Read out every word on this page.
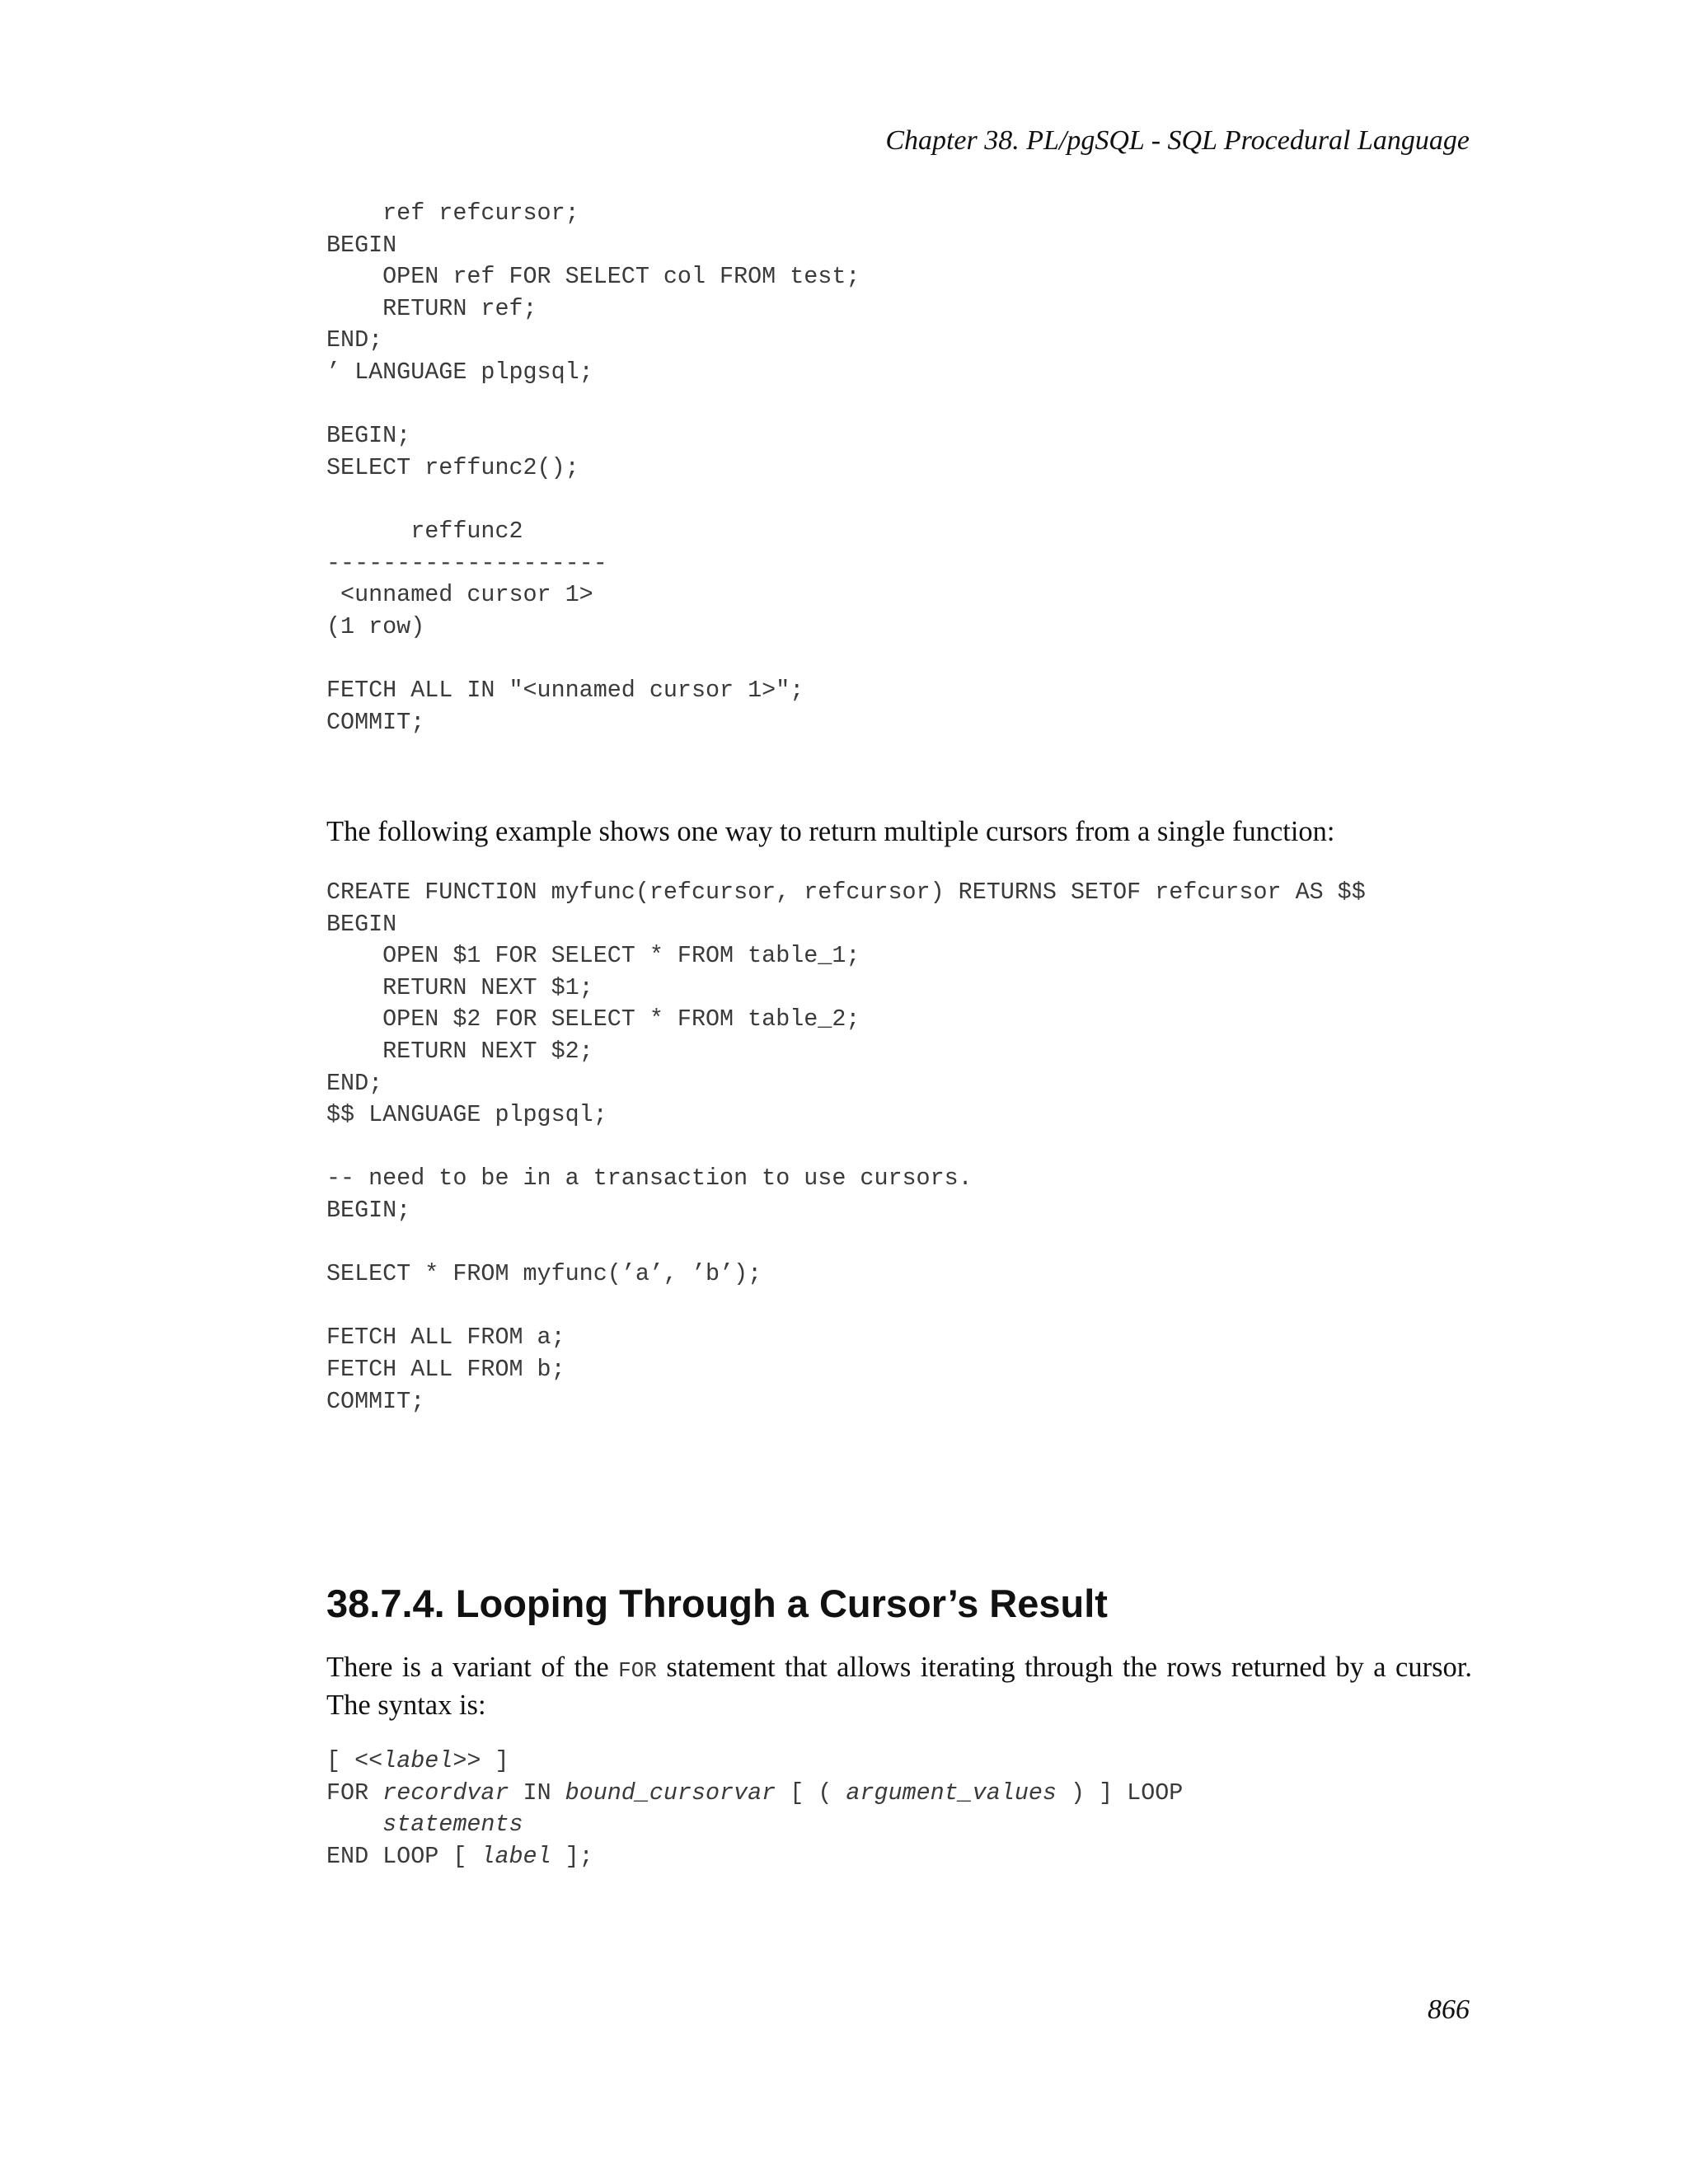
Chapter 38. PL/pgSQL - SQL Procedural Language
ref refcursor;
BEGIN
OPEN ref FOR SELECT col FROM test;
RETURN ref;
END;
’ LANGUAGE plpgsql;

BEGIN;
SELECT reffunc2();

reffunc2
--------------------
<unnamed cursor 1>
(1 row)

FETCH ALL IN "<unnamed cursor 1>";
COMMIT;
The following example shows one way to return multiple cursors from a single function:
CREATE FUNCTION myfunc(refcursor, refcursor) RETURNS SETOF refcursor AS $$
BEGIN
OPEN $1 FOR SELECT * FROM table_1;
RETURN NEXT $1;
OPEN $2 FOR SELECT * FROM table_2;
RETURN NEXT $2;
END;
$$ LANGUAGE plpgsql;

-- need to be in a transaction to use cursors.
BEGIN;

SELECT * FROM myfunc(’a’, ’b’);

FETCH ALL FROM a;
FETCH ALL FROM b;
COMMIT;
38.7.4. Looping Through a Cursor’s Result
There is a variant of the FOR statement that allows iterating through the rows returned by a cursor. The syntax is:
[ <<label>> ]
FOR recordvar IN bound_cursorvar [ ( argument_values ) ] LOOP
statements
END LOOP [ label ];
866
